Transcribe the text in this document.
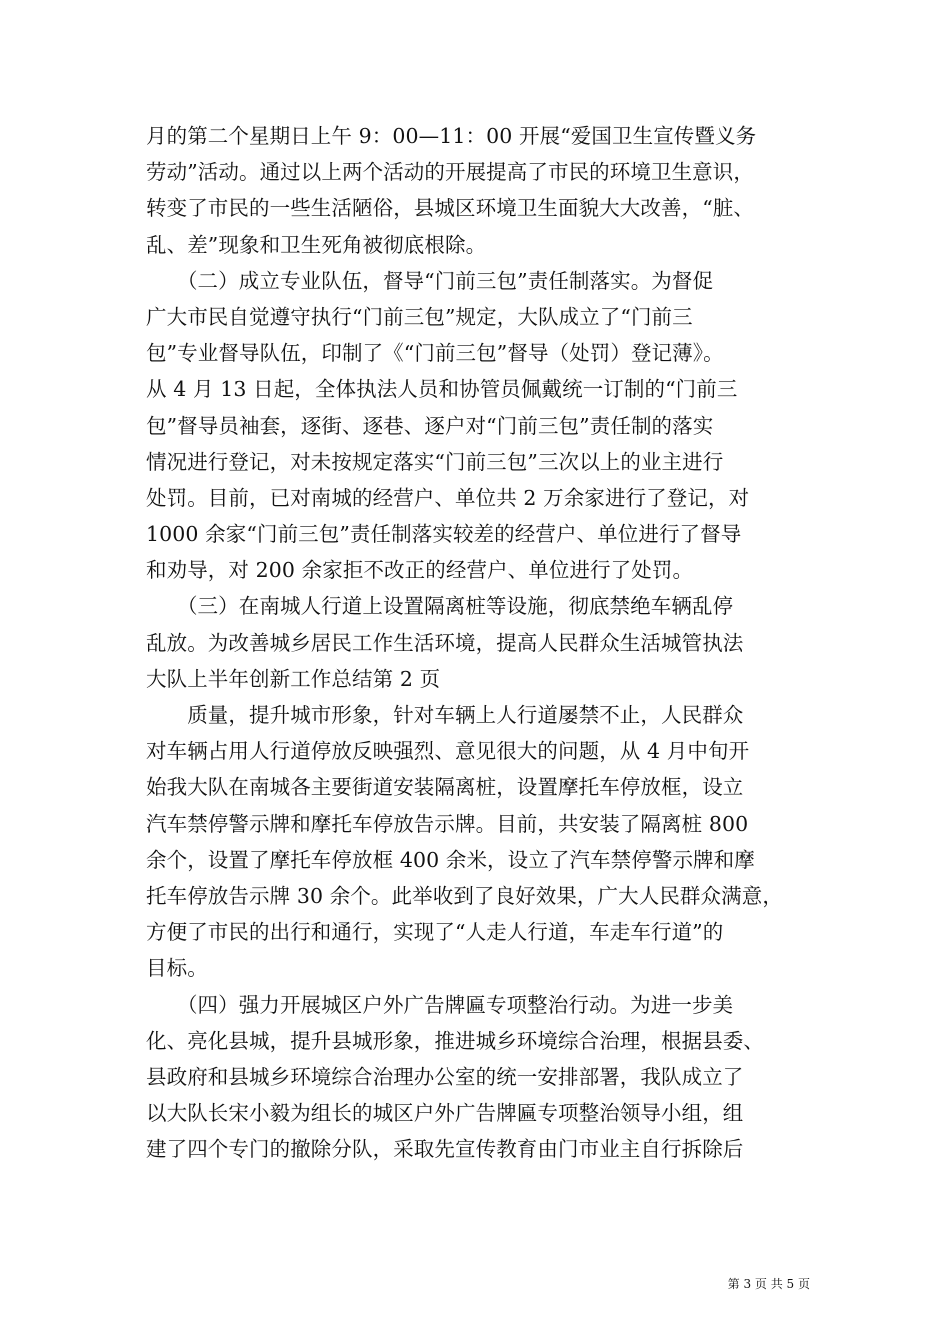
月的第二个星期日上午 9：00—11：00 开展“爱国卫生宣传暨义务
劳动”活动。通过以上两个活动的开展提高了市民的环境卫生意识，
转变了市民的一些生活陋俗，县城区环境卫生面貌大大改善，“脏、
乱、差”现象和卫生死角被彻底根除。
　　（二）成立专业队伍，督导“门前三包”责任制落实。为督促
广大市民自觉遵守执行“门前三包”规定，大队成立了“门前三
包”专业督导队伍，印制了《“门前三包”督导（处罚）登记薄》。
从 4 月 13 日起，全体执法人员和协管员佩戴统一订制的“门前三
包”督导员袖套，逐街、逐巷、逐户对“门前三包”责任制的落实
情况进行登记，对未按规定落实“门前三包”三次以上的业主进行
处罚。目前，已对南城的经营户、单位共 2 万余家进行了登记，对
1000 余家“门前三包”责任制落实较差的经营户、单位进行了督导
和劝导，对 200 余家拒不改正的经营户、单位进行了处罚。
　　（三）在南城人行道上设置隔离桩等设施，彻底禁绝车辆乱停
乱放。为改善城乡居民工作生活环境，提高人民群众生活城管执法
大队上半年创新工作总结第 2 页
　　质量，提升城市形象，针对车辆上人行道屡禁不止，人民群众
对车辆占用人行道停放反映强烈、意见很大的问题，从 4 月中旬开
始我大队在南城各主要街道安装隔离桩，设置摩托车停放框，设立
汽车禁停警示牌和摩托车停放告示牌。目前，共安装了隔离桩 800
余个，设置了摩托车停放框 400 余米，设立了汽车禁停警示牌和摩
托车停放告示牌 30 余个。此举收到了良好效果，广大人民群众满意，
方便了市民的出行和通行，实现了“人走人行道，车走车行道”的
目标。
　　（四）强力开展城区户外广告牌匾专项整治行动。为进一步美
化、亮化县城，提升县城形象，推进城乡环境综合治理，根据县委、
县政府和县城乡环境综合治理办公室的统一安排部署，我队成立了
以大队长宋小毅为组长的城区户外广告牌匾专项整治领导小组，组
建了四个专门的撤除分队，采取先宣传教育由门市业主自行拆除后
第 3 页 共 5 页
